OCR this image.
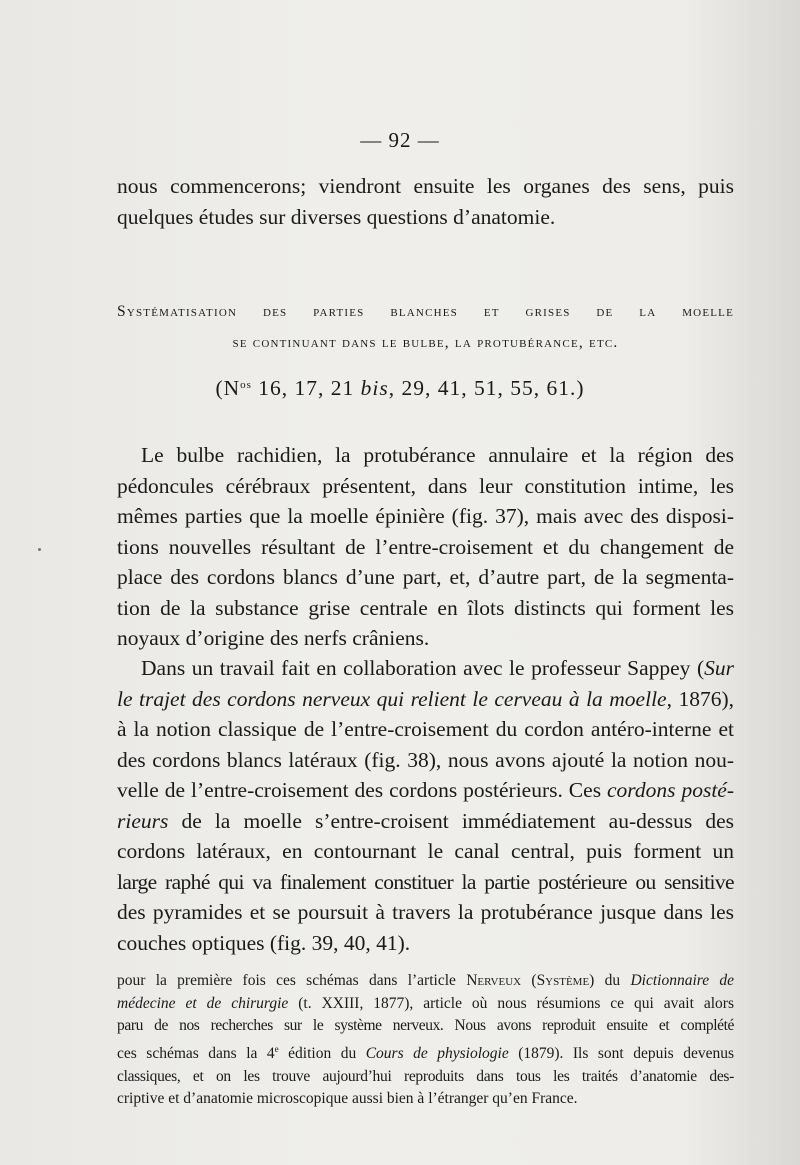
— 92 —
nous commencerons; viendront ensuite les organes des sens, puis
quelques études sur diverses questions d’anatomie.
Systématisation des parties blanches et grises de la moelle
se continuant dans le bulbe, la protubérance, etc.
($N^{os}$ 16, 17, 21 bis, 29, 41, 51, 55, 61.)
Le bulbe rachidien, la protubérance annulaire et la région des
pédoncules cérébraux présentent, dans leur constitution intime, les
mêmes parties que la moelle épinière (fig. 37), mais avec des disposi-
tions nouvelles résultant de l’entre-croisement et du changement de
place des cordons blancs d’une part, et, d’autre part, de la segmenta-
tion de la substance grise centrale en îlots distincts qui forment les
noyaux d’origine des nerfs crâniens.
Dans un travail fait en collaboration avec le professeur Sappey (Sur
le trajet des cordons nerveux qui relient le cerveau à la moelle, 1876),
à la notion classique de l’entre-croisement du cordon antéro-interne et
des cordons blancs latéraux (fig. 38), nous avons ajouté la notion nou-
velle de l’entre-croisement des cordons postérieurs. Ces cordons posté-
rieurs de la moelle s’entre-croisent immédiatement au-dessus des
cordons latéraux, en contournant le canal central, puis forment un
large raphé qui va finalement constituer la partie postérieure ou sensitive
des pyramides et se poursuit à travers la protubérance jusque dans les
couches optiques (fig. 39, 40, 41).
pour la première fois ces schémas dans l’article Nerveux (Système) du Dictionnaire de
médecine et de chirurgie (t. XXIII, 1877), article où nous résumions ce qui avait alors
paru de nos recherches sur le système nerveux. Nous avons reproduit ensuite et complété
ces schémas dans la 4e édition du Cours de physiologie (1879). Ils sont depuis devenus
classiques, et on les trouve aujourd’hui reproduits dans tous les traités d’anatomie des-
criptive et d’anatomie microscopique aussi bien à l’étranger qu’en France.
